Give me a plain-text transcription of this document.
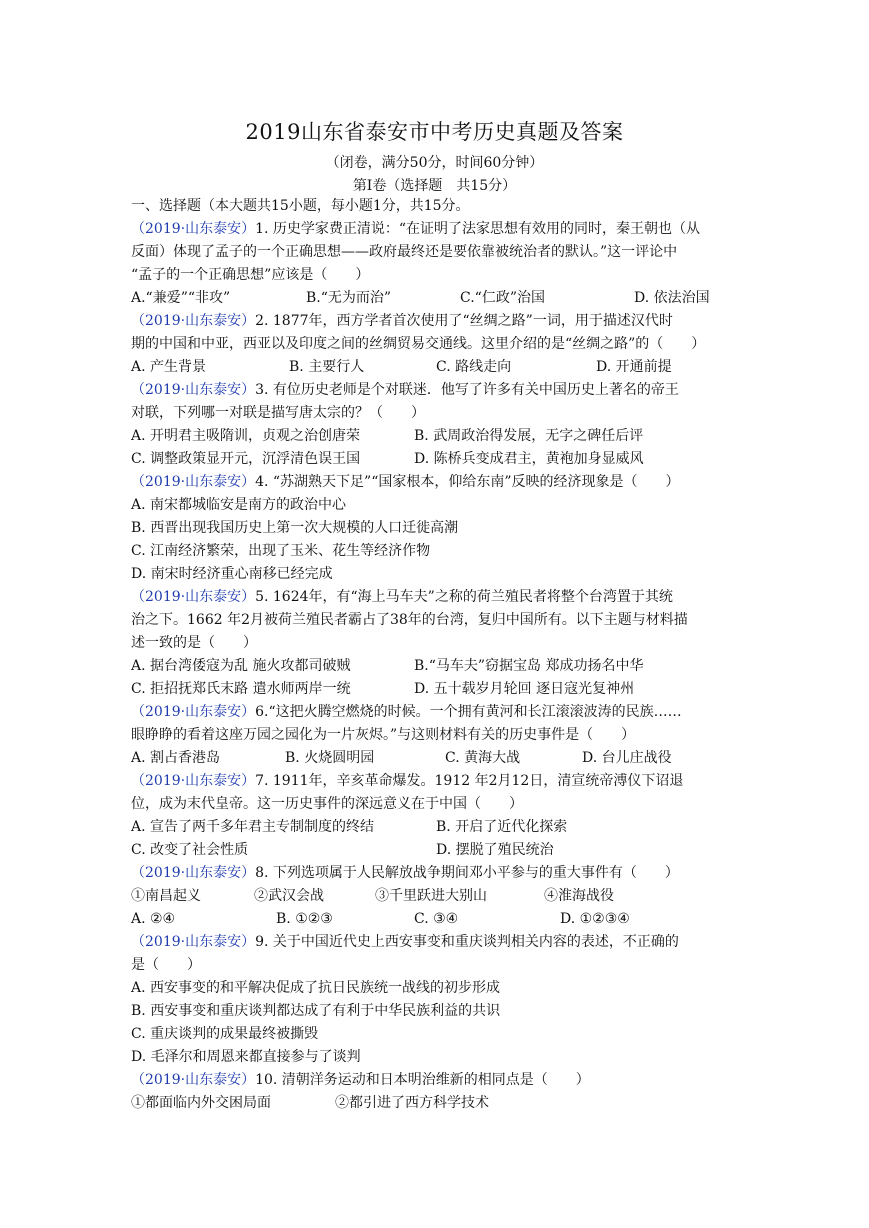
2019山东省泰安市中考历史真题及答案
（闭卷，满分50分，时间60分钟）
第Ⅰ卷（选择题　共15分）
一、选择题（本大题共15小题，每小题1分，共15分。
（2019·山东泰安）1. 历史学家费正清说：“在证明了法家思想有效用的同时，秦王朝也（从
反面）体现了孟子的一个正确思想——政府最终还是要依靠被统治者的默认。”这一评论中
“孟子的一个正确思想”应该是（　　）
A.“兼爱”“非攻”	B.“无为而治”	C.“仁政”治国	D. 依法治国
（2019·山东泰安）2. 1877年，西方学者首次使用了“丝绸之路”一词，用于描述汉代时
期的中国和中亚，西亚以及印度之间的丝绸贸易交通线。这里介绍的是“丝绸之路”的（　　）
A. 产生背景	B. 主要行人	C. 路线走向	D. 开通前提
（2019·山东泰安）3. 有位历史老师是个对联迷．他写了许多有关中国历史上著名的帝王
对联，下列哪一对联是描写唐太宗的？（　　）
A. 开明君主吸隋训，贞观之治创唐荣	B. 武周政治得发展，无字之碑任后评
C. 调整政策显开元，沉浮清色误王国	D. 陈桥兵变成君主，黄袍加身显威风
（2019·山东泰安）4. “苏湖熟天下足”“国家根本，仰给东南”反映的经济现象是（　　）
A. 南宋都城临安是南方的政治中心
B. 西晋出现我国历史上第一次大规模的人口迁徙高潮
C. 江南经济繁荣，出现了玉米、花生等经济作物
D. 南宋时经济重心南移已经完成
（2019·山东泰安）5. 1624年，有“海上马车夫”之称的荷兰殖民者将整个台湾置于其统
治之下。1662 年2月被荷兰殖民者霸占了38年的台湾，复归中国所有。以下主题与材料描
述一致的是（　　）
A. 据台湾倭寇为乱 施火攻都司破贼	B.“马车夫”窃据宝岛 郑成功扬名中华
C. 拒招抚郑氏末路 遣水师两岸一统	D. 五十载岁月轮回 逐日寇光复神州
（2019·山东泰安）6.“这把火腾空燃烧的时候。一个拥有黄河和长江滚滚波涛的民族……
眼睁睁的看着这座万园之园化为一片灰烬。”与这则材料有关的历史事件是（　　）
A. 割占香港岛	B. 火烧圆明园	C. 黄海大战	D. 台儿庄战役
（2019·山东泰安）7. 1911年，辛亥革命爆发。1912 年2月12日，清宣统帝溥仪下诏退
位，成为末代皇帝。这一历史事件的深远意义在于中国（　　）
A. 宣告了两千多年君主专制制度的终结	B. 开启了近代化探索
C. 改变了社会性质	D. 摆脱了殖民统治
（2019·山东泰安）8. 下列选项属于人民解放战争期间邓小平参与的重大事件有（　　）
①南昌起义	②武汉会战	③千里跃进大别山	④淮海战役
A. ②④	B. ①②③	C. ③④	D. ①②③④
（2019·山东泰安）9. 关于中国近代史上西安事变和重庆谈判相关内容的表述，不正确的
是（　　）
A. 西安事变的和平解决促成了抗日民族统一战线的初步形成
B. 西安事变和重庆谈判都达成了有利于中华民族利益的共识
C. 重庆谈判的成果最终被撕毁
D. 毛泽尔和周恩来都直接参与了谈判
（2019·山东泰安）10. 清朝洋务运动和日本明治维新的相同点是（　　）
①都面临内外交困局面	②都引进了西方科学技术
